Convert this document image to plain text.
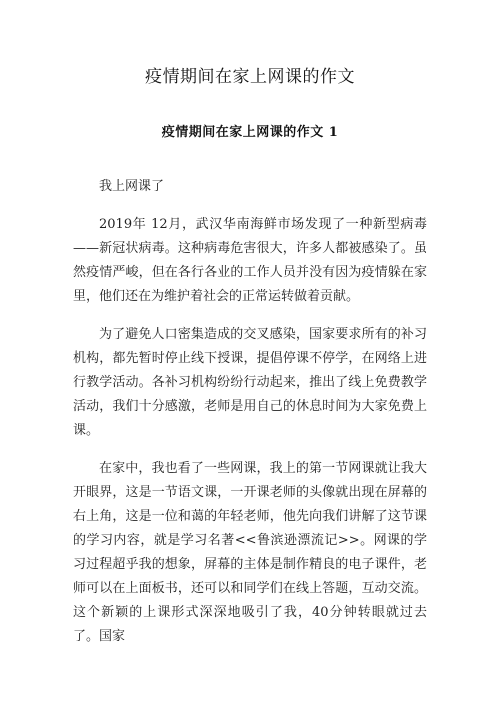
疫情期间在家上网课的作文
疫情期间在家上网课的作文 1

我上网课了

2019年 12月，武汉华南海鲜市场发现了一种新型病毒——新冠状病毒。这种病毒危害很大，许多人都被感染了。虽然疫情严峻，但在各行各业的工作人员并没有因为疫情躲在家里，他们还在为维护着社会的正常运转做着贡献。

为了避免人口密集造成的交叉感染，国家要求所有的补习机构，都先暂时停止线下授课，提倡停课不停学，在网络上进行教学活动。各补习机构纷纷行动起来，推出了线上免费教学活动，我们十分感激，老师是用自己的休息时间为大家免费上课。

在家中，我也看了一些网课，我上的第一节网课就让我大开眼界，这是一节语文课，一开课老师的头像就出现在屏幕的右上角，这是一位和蔼的年轻老师，他先向我们讲解了这节课的学习内容，就是学习名著<<鲁滨逊漂流记>>。网课的学习过程超乎我的想象，屏幕的主体是制作精良的电子课件，老师可以在上面板书，还可以和同学们在线上答题，互动交流。这个新颖的上课形式深深地吸引了我，40分钟转眼就过去了。国家
